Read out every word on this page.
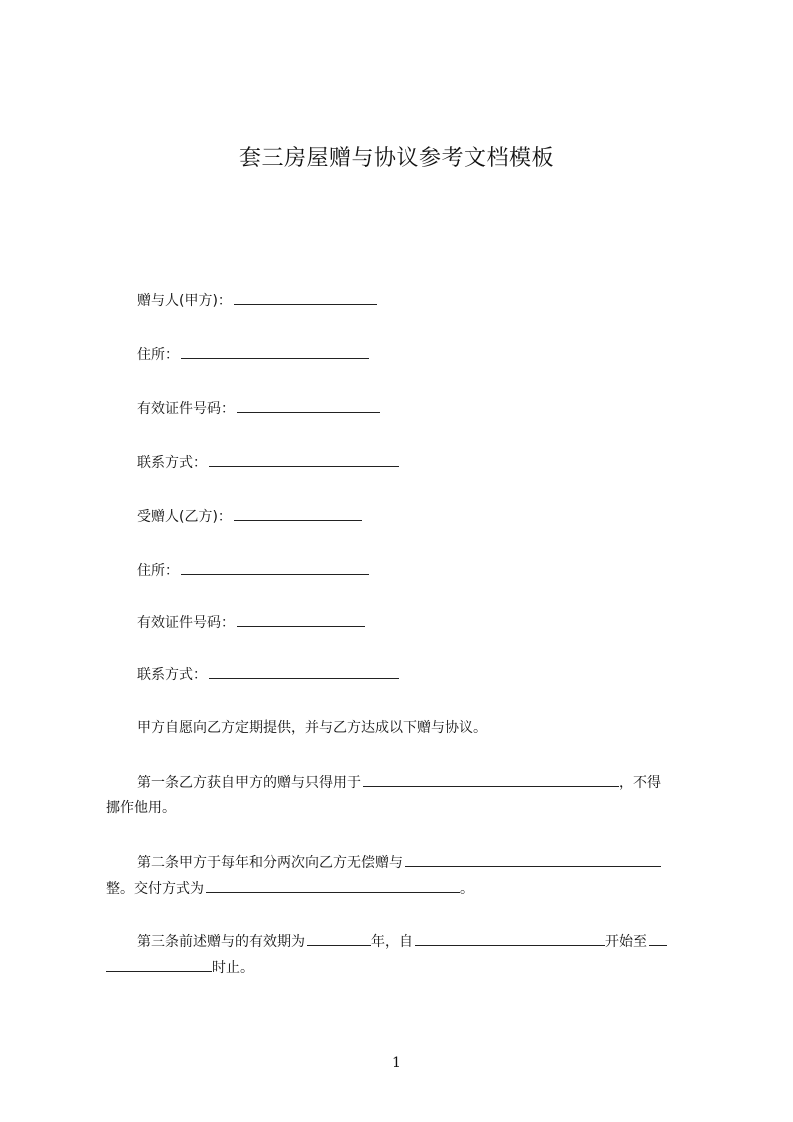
套三房屋赠与协议参考文档模板
赠与人(甲方)：
住所：
有效证件号码：
联系方式：
受赠人(乙方)：
住所：
有效证件号码：
联系方式：
甲方自愿向乙方定期提供，并与乙方达成以下赠与协议。
第一条乙方获自甲方的赠与只得用于	，不得
挪作他用。
第二条甲方于每年和分两次向乙方无偿赠与
整。交付方式为	。
第三条前述赠与的有效期为	年，自	开始至
时止。
1
